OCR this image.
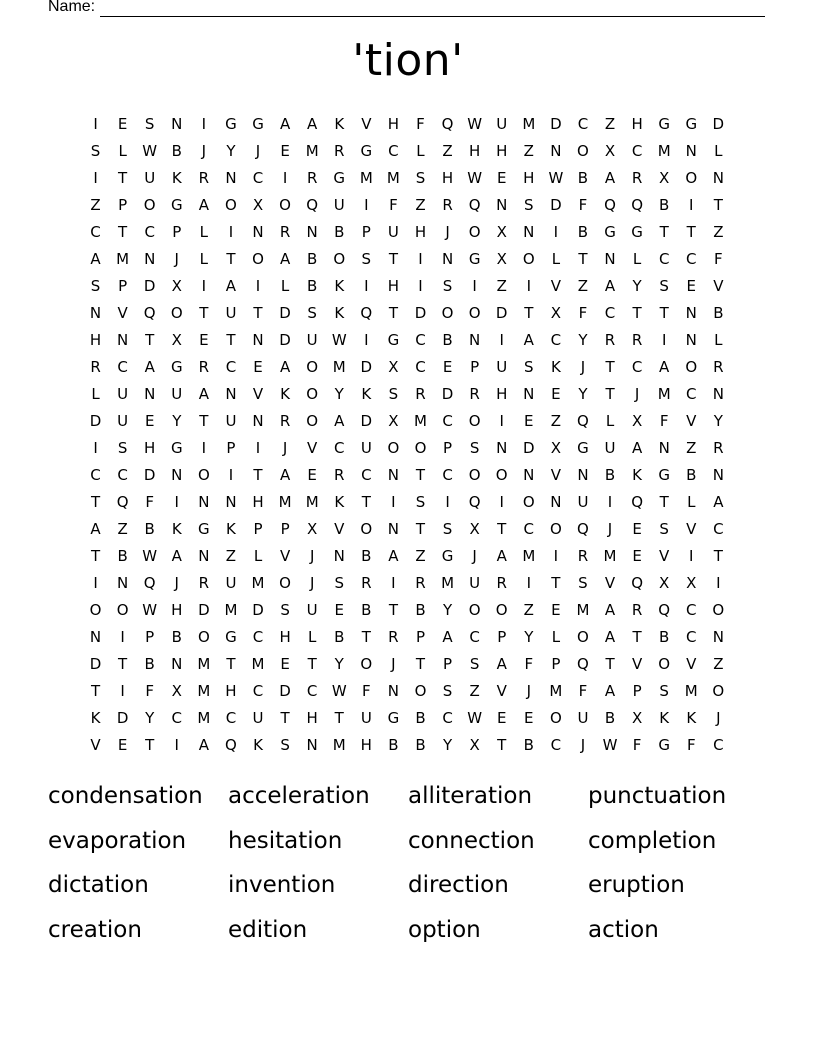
Name:
'tion'
I	E	S	N	I	G	G	A	A	K	V	H	F	Q W U	M D	C	Z	H	G	G	D
S	L	W B	J	Y	J	E	M	R	G	C	L	Z	H	H	Z	N	O	X	C	M N	L
I	T	U	K	R	N	C	I	R	G M M	S	H W E	H W B	A	R	X	O	N
Z	P	O	G	A	O	X	O	Q	U	I	F	Z	R	Q	N	S	D	F	Q	Q	B	I	T
C	T	C	P	L	I	N	R	N	B	P	U	H	J	O	X	N	I	B	G	G	T	T	Z
A	M N	J	L	T	O	A	B	O	S	T	I	N	G	X	O	L	T	N	L	C	C	F
S	P	D	X	I	A	I	L	B	K	I	H	I	S	I	Z	I	V	Z	A	Y	S	E	V
N	V	Q	O	T	U	T	D	S	K	Q	T	D	O	O	D	T	X	F	C	T	T	N	B
H	N	T	X	E	T	N	D	U W	I	G	C	B	N	I	A	C	Y	R	R	I	N	L
R	C	A	G	R	C	E	A	O M D	X	C	E	P	U	S	K	J	T	C	A	O	R
L	U	N	U	A	N	V	K	O	Y	K	S	R	D	R	H	N	E	Y	T	J	M	C	N
D	U	E	Y	T	U	N	R	O	A	D	X	M	C	O	I	E	Z	Q	L	X	F	V	Y
I	S	H	G	I	P	I	J	V	C	U	O	O	P	S	N	D	X	G	U	A	N	Z	R
C	C	D	N	O	I	T	A	E	R	C	N	T	C	O	O	N	V	N	B	K	G	B	N
T	Q	F	I	N	N	H M M	K	T	I	S	I	Q	I	O	N	U	I	Q	T	L	A
A	Z	B	K	G	K	P	P	X	V	O	N	T	S	X	T	C	O	Q	J	E	S	V	C
T	B W A	N	Z	L	V	J	N	B	A	Z	G	J	A	M	I	R	M	E	V	I	T
I	N	Q	J	R	U	M O	J	S	R	I	R	M	U	R	I	T	S	V	Q	X	X	I
O	O W H	D M D	S	U	E	B	T	B	Y	O	O	Z	E	M	A	R	Q	C	O
N	I	P	B	O	G	C	H	L	B	T	R	P	A	C	P	Y	L	O	A	T	B	C	N
D	T	B	N M	T	M	E	T	Y	O	J	T	P	S	A	F	P	Q	T	V	O	V	Z
T	I	F	X	M H	C	D	C W	F	N	O	S	Z	V	J	M	F	A	P	S	M O
K	D	Y	C	M	C	U	T	H	T	U	G	B	C W E	E	O	U	B	X	K	K	J
V	E	T	I	A	Q	K	S	N M H	B	B	Y	X	T	B	C	J	W	F	G	F	C
condensation	acceleration	alliteration	punctuation
evaporation	hesitation	connection	completion
dictation	invention	direction	eruption
creation	edition	option	action
